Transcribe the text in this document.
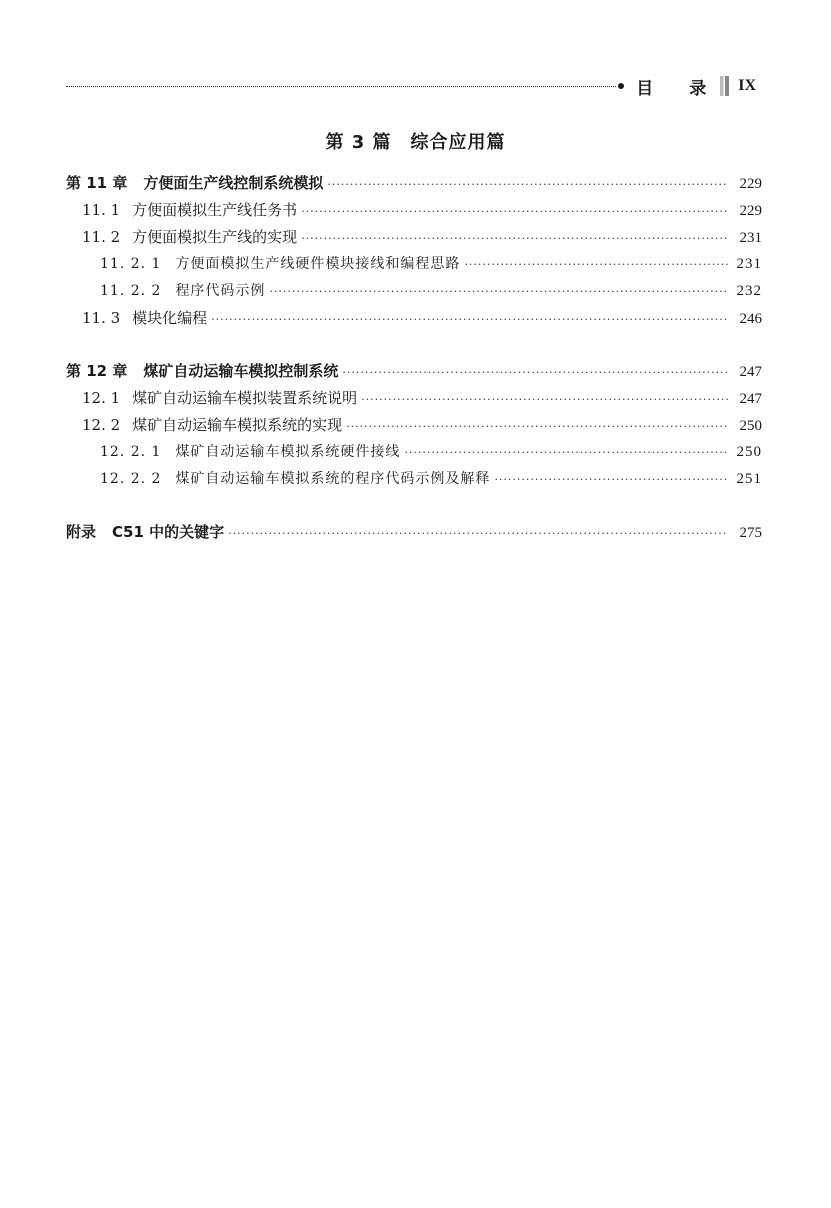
目 录 IX
第 3 篇　综合应用篇
第 11 章 方便面生产线控制系统模拟 ·····	229
11. 1 方便面模拟生产线任务书 ·····	229
11. 2 方便面模拟生产线的实现 ·····	231
11. 2. 1 方便面模拟生产线硬件模块接线和编程思路 ·····	231
11. 2. 2 程序代码示例 ·····	232
11. 3 模块化编程 ·····	246
第 12 章 煤矿自动运输车模拟控制系统 ·····	247
12. 1 煤矿自动运输车模拟装置系统说明 ·····	247
12. 2 煤矿自动运输车模拟系统的实现 ·····	250
12. 2. 1 煤矿自动运输车模拟系统硬件接线 ·····	250
12. 2. 2 煤矿自动运输车模拟系统的程序代码示例及解释 ·····	251
附录 C51 中的关键字 ·····	275
